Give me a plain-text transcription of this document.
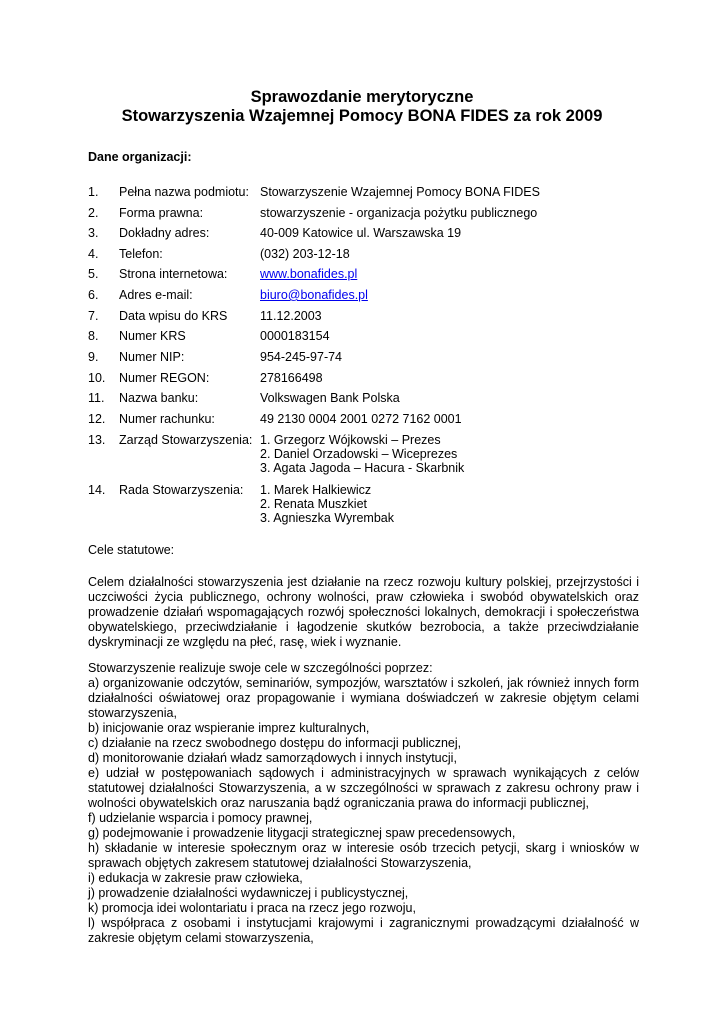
Sprawozdanie merytoryczne
Stowarzyszenia Wzajemnej Pomocy BONA FIDES za rok 2009
Dane organizacji:
1. Pełna nazwa podmiotu: Stowarzyszenie Wzajemnej Pomocy BONA FIDES
2. Forma prawna:	stowarzyszenie - organizacja pożytku publicznego
3. Dokładny adres:	40-009 Katowice ul. Warszawska 19
4. Telefon:	(032) 203-12-18
5. Strona internetowa:	www.bonafides.pl
6. Adres e-mail:	biuro@bonafides.pl
7. Data wpisu do KRS	11.12.2003
8. Numer KRS	0000183154
9. Numer NIP:	954-245-97-74
10. Numer REGON:	278166498
11. Nazwa banku:	Volkswagen Bank Polska
12. Numer rachunku:	49 2130 0004 2001 0272 7162 0001
13. Zarząd Stowarzyszenia: 1. Grzegorz Wójkowski – Prezes
2. Daniel Orzadowski – Wiceprezes
3. Agata Jagoda – Hacura - Skarbnik
14. Rada Stowarzyszenia: 1. Marek Halkiewicz
2. Renata Muszkiet
3. Agnieszka Wyrembak
Cele statutowe:
Celem działalności stowarzyszenia jest działanie na rzecz rozwoju kultury polskiej, przejrzystości i uczciwości życia publicznego, ochrony wolności, praw człowieka i swobód obywatelskich oraz prowadzenie działań wspomagających rozwój społeczności lokalnych, demokracji i społeczeństwa obywatelskiego, przeciwdziałanie i łagodzenie skutków bezrobocia, a także przeciwdziałanie dyskryminacji ze względu na płeć, rasę, wiek i wyznanie.
Stowarzyszenie realizuje swoje cele w szczególności poprzez:
a) organizowanie odczytów, seminariów, sympozjów, warsztatów i szkoleń, jak również innych form działalności oświatowej oraz propagowanie i wymiana doświadczeń w zakresie objętym celami stowarzyszenia,
b) inicjowanie oraz wspieranie imprez kulturalnych,
c) działanie na rzecz swobodnego dostępu do informacji publicznej,
d) monitorowanie działań władz samorządowych i innych instytucji,
e) udział w postępowaniach sądowych i administracyjnych w sprawach wynikających z celów statutowej działalności Stowarzyszenia, a w szczególności w sprawach z zakresu ochrony praw i wolności obywatelskich oraz naruszania bądź ograniczania prawa do informacji publicznej,
f) udzielanie wsparcia i pomocy prawnej,
g) podejmowanie i prowadzenie litygacji strategicznej spaw precedensowych,
h) składanie w interesie społecznym oraz w interesie osób trzecich petycji, skarg i wniosków w sprawach objętych zakresem statutowej działalności Stowarzyszenia,
i) edukacja w zakresie praw człowieka,
j) prowadzenie działalności wydawniczej i publicystycznej,
k) promocja idei wolontariatu i praca na rzecz jego rozwoju,
l) współpraca z osobami i instytucjami krajowymi i zagranicznymi prowadzącymi działalność w zakresie objętym celami stowarzyszenia,
